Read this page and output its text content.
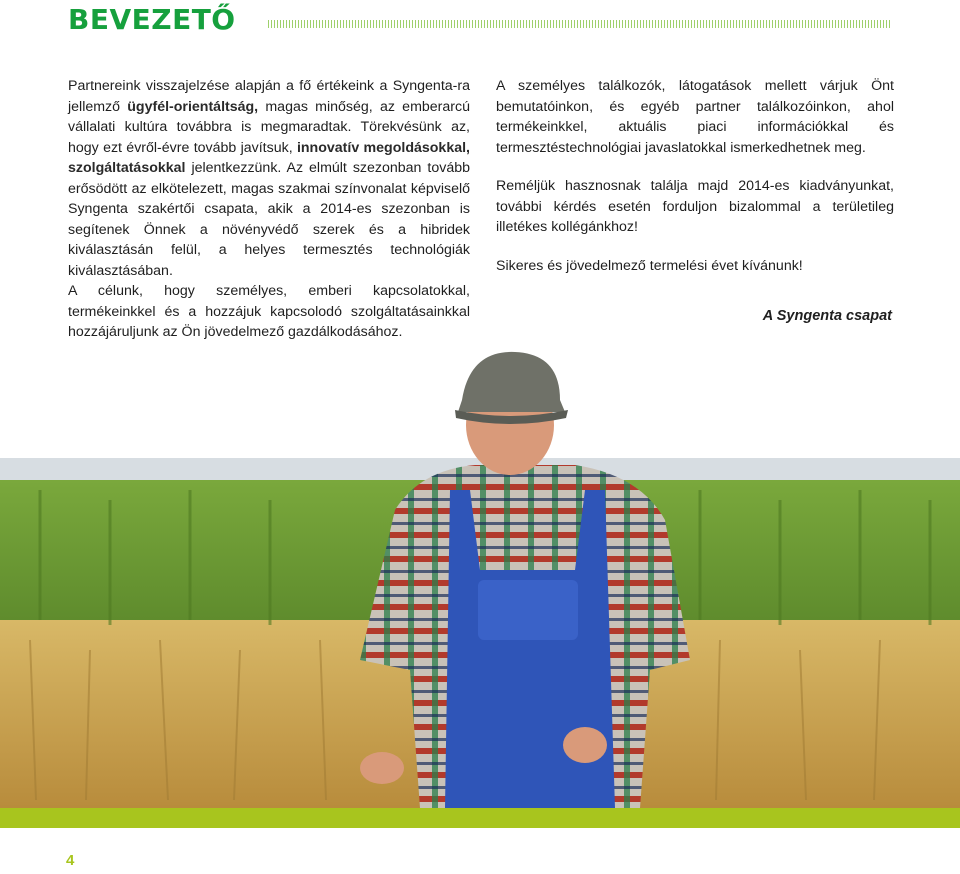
BEVEZETŐ

Partnereink visszajelzése alapján a fő értékeink a Syngenta-ra jellemző ügyfél-orientáltság, magas minőség, az emberarcú vállalati kultúra továbbra is megmaradtak. Törekvésünk az, hogy ezt évről-évre tovább javítsuk, innovatív megoldásokkal, szolgáltatásokkal jelentkezzünk. Az elmúlt szezonban tovább erősödött az elkötelezett, magas szakmai színvonalat képviselő Syngenta szakértői csapata, akik a 2014-es szezonban is segítenek Önnek a növényvédő szerek és a hibridek kiválasztásán felül, a helyes termesztés technológiák kiválasztásában.

A célunk, hogy személyes, emberi kapcsolatokkal, termékeinkkel és a hozzájuk kapcsolodó szolgáltatásainkkal hozzájáruljunk az Ön jövedelmező gazdálkodásához.

A személyes találkozók, látogatások mellett várjuk Önt bemutatóinkon, és egyéb partner találkozóinkon, ahol termékeinkkel, aktuális piaci információkkal és termesztéstechnológiai javaslatokkal ismerkedhetnek meg.

Reméljük hasznosnak találja majd 2014-es kiadványunkat, további kérdés esetén forduljon bizalommal a területileg illetékes kollégánkhoz!

Sikeres és jövedelmező termelési évet kívánunk!

A Syngenta csapat
4
